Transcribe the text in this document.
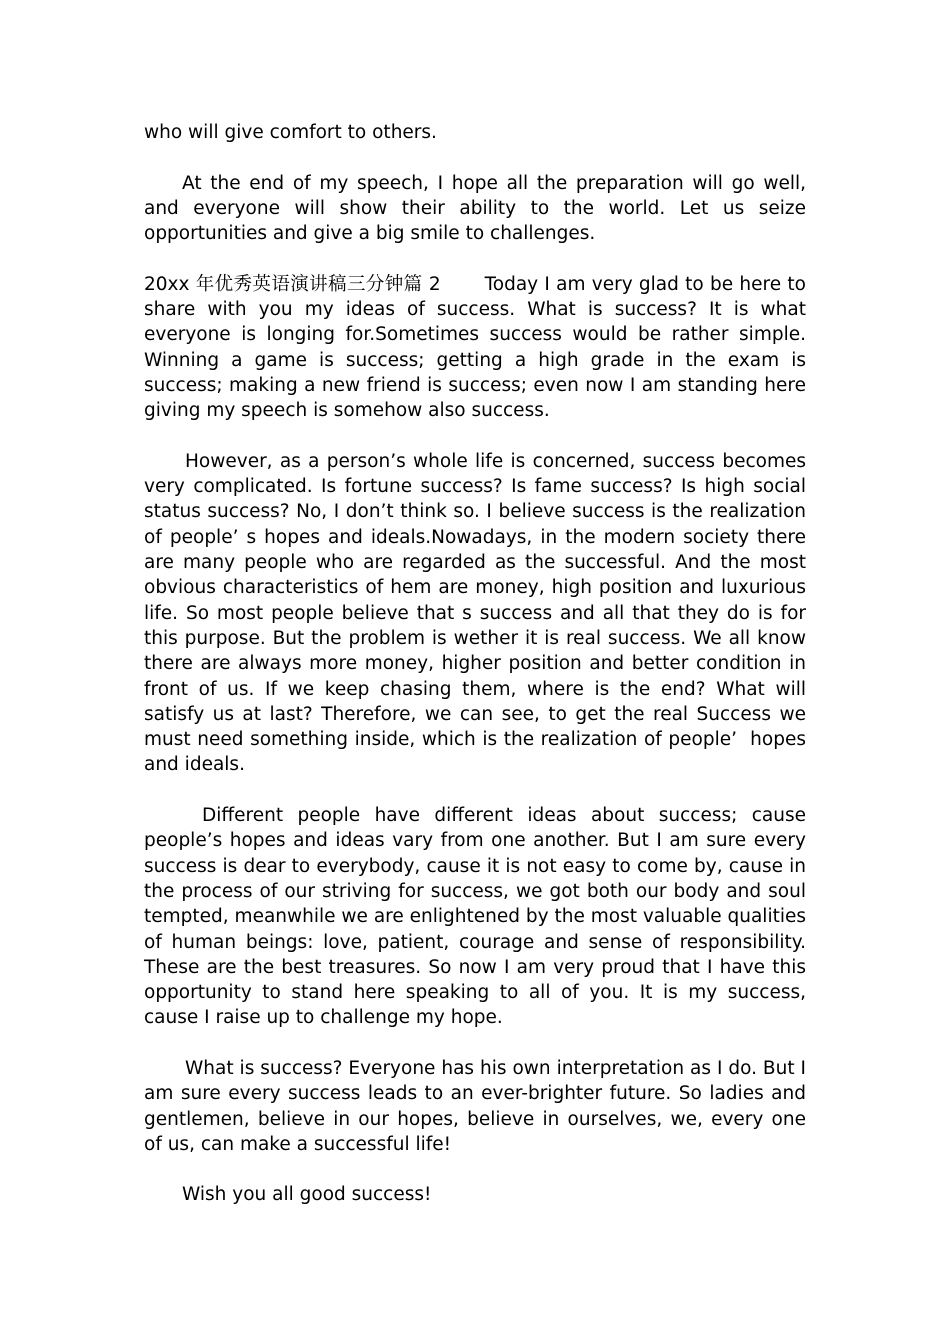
who will give comfort to others.

At the end of my speech, I hope all the preparation will go well, and everyone will show their ability to the world. Let us seize opportunities and give a big smile to challenges.

20xx 年优秀英语演讲稿三分钟篇 2 Today I am very glad to be here to share with you my ideas of success. What is success? It is what everyone is longing for.Sometimes success would be rather simple. Winning a game is success; getting a high grade in the exam is success; making a new friend is success; even now I am standing here giving my speech is somehow also success.

However, as a person’s whole life is concerned, success becomes very complicated. Is fortune success? Is fame success? Is high social status success? No, I don’t think so. I believe success is the realization of people’ s hopes and ideals.Nowadays, in the modern society there are many people who are regarded as the successful. And the most obvious characteristics of hem are money, high position and luxurious life. So most people believe that s success and all that they do is for this purpose. But the problem is wether it is real success. We all know there are always more money, higher position and better condition in front of us. If we keep chasing them, where is the end? What will satisfy us at last? Therefore, we can see, to get the real Success we must need something inside, which is the realization of people’  hopes and ideals.

Different people have different ideas about success; cause people’s hopes and ideas vary from one another. But I am sure every success is dear to everybody, cause it is not easy to come by, cause in the process of our striving for success, we got both our body and soul tempted, meanwhile we are enlightened by the most valuable qualities of human beings: love, patient, courage and sense of responsibility. These are the best treasures. So now I am very proud that I have this opportunity to stand here speaking to all of you. It is my success, cause I raise up to challenge my hope.

What is success? Everyone has his own interpretation as I do. But I am sure every success leads to an ever-brighter future. So ladies and gentlemen, believe in our hopes, believe in ourselves, we, every one of us, can make a successful life!

Wish you all good success!
